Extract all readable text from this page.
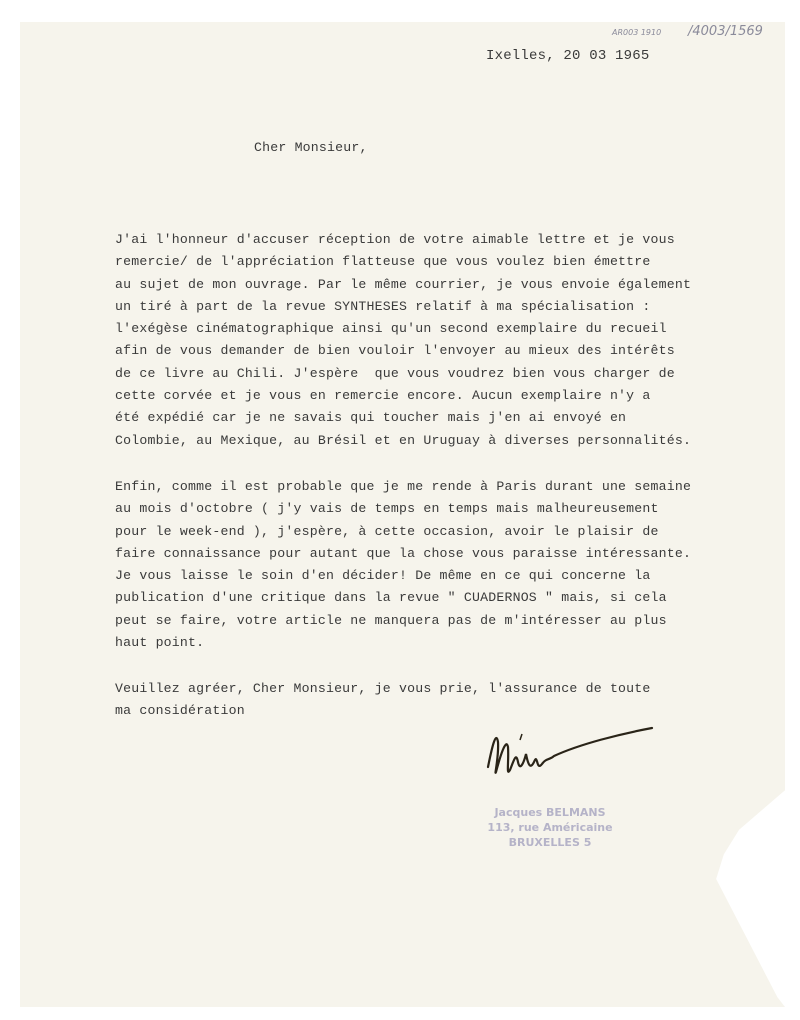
AR003 1910 /4003/1569
Ixelles, 20 03 1965
Cher Monsieur,
J'ai l'honneur d'accuser réception de votre aimable lettre et je vous
remercie/ de l'appréciation flatteuse que vous voulez bien émettre
au sujet de mon ouvrage. Par le même courrier, je vous envoie également
un tiré à part de la revue SYNTHESES relatif à ma spécialisation :
l'exégèse cinématographique ainsi qu'un second exemplaire du recueil
afin de vous demander de bien vouloir l'envoyer au mieux des intérêts
de ce livre au Chili. J'espère  que vous voudrez bien vous charger de
cette corvée et je vous en remercie encore. Aucun exemplaire n'y a
été expédié car je ne savais qui toucher mais j'en ai envoyé en
Colombie, au Mexique, au Brésil et en Uruguay à diverses personnalités.
Enfin, comme il est probable que je me rende à Paris durant une semaine
au mois d'octobre ( j'y vais de temps en temps mais malheureusement
pour le week-end ), j'espère, à cette occasion, avoir le plaisir de
faire connaissance pour autant que la chose vous paraisse intéressante.
Je vous laisse le soin d'en décider! De même en ce qui concerne la
publication d'une critique dans la revue " CUADERNOS " mais, si cela
peut se faire, votre article ne manquera pas de m'intéresser au plus
haut point.
Veuillez agréer, Cher Monsieur, je vous prie, l'assurance de toute
ma considération
Jacques BELMANS
113, rue Américaine
BRUXELLES 5
